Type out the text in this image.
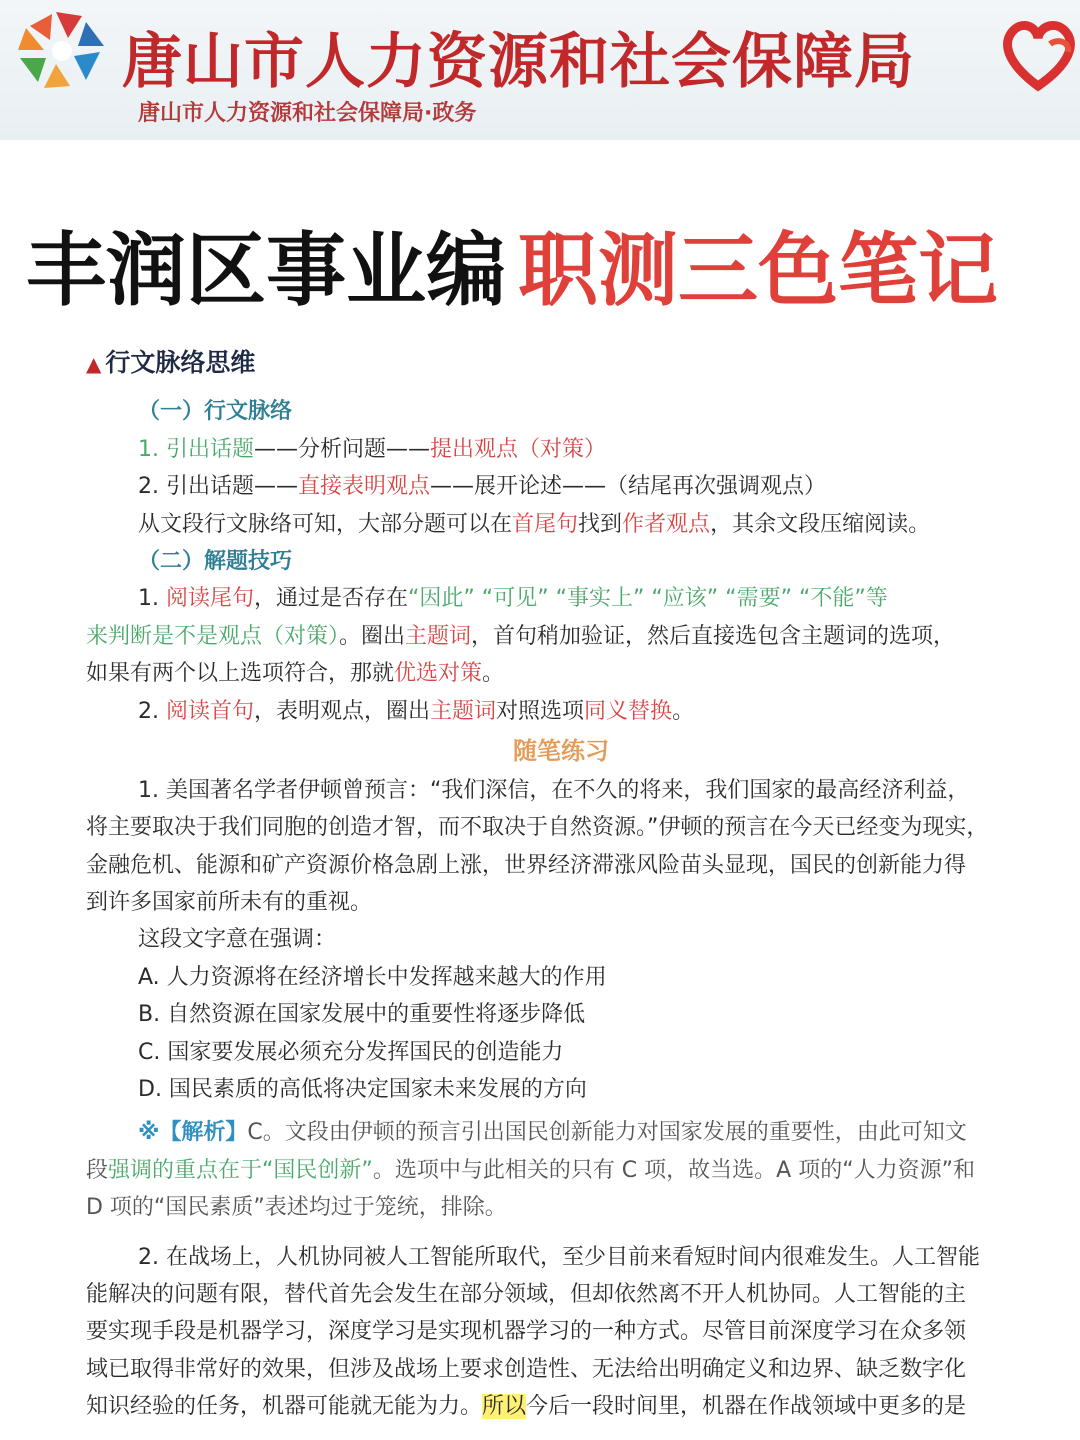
唐山市人力资源和社会保障局
唐山市人力资源和社会保障局·政务
丰润区事业编 职测三色笔记
▲ 行文脉络思维
（一）行文脉络
1. 引出话题——分析问题——提出观点（对策）
2. 引出话题——直接表明观点——展开论述——（结尾再次强调观点）
从文段行文脉络可知，大部分题可以在首尾句找到作者观点，其余文段压缩阅读。
（二）解题技巧
1. 阅读尾句，通过是否存在“因此” “可见” “事实上” “应该” “需要” “不能”等
来判断是不是观点（对策）。圈出主题词，首句稍加验证，然后直接选包含主题词的选项，
如果有两个以上选项符合，那就优选对策。
2. 阅读首句，表明观点，圈出主题词对照选项同义替换。
随笔练习
1. 美国著名学者伊顿曾预言：“我们深信，在不久的将来，我们国家的最高经济利益，
将主要取决于我们同胞的创造才智，而不取决于自然资源。”伊顿的预言在今天已经变为现实，
金融危机、能源和矿产资源价格急剧上涨，世界经济滞涨风险苗头显现，国民的创新能力得
到许多国家前所未有的重视。
这段文字意在强调：
A. 人力资源将在经济增长中发挥越来越大的作用
B. 自然资源在国家发展中的重要性将逐步降低
C. 国家要发展必须充分发挥国民的创造能力
D. 国民素质的高低将决定国家未来发展的方向
※【解析】C。文段由伊顿的预言引出国民创新能力对国家发展的重要性，由此可知文
段强调的重点在于“国民创新”。选项中与此相关的只有 C 项，故当选。A 项的“人力资源”和
D 项的“国民素质”表述均过于笼统，排除。
2. 在战场上，人机协同被人工智能所取代，至少目前来看短时间内很难发生。人工智能
能解决的问题有限，替代首先会发生在部分领域，但却依然离不开人机协同。人工智能的主
要实现手段是机器学习，深度学习是实现机器学习的一种方式。尽管目前深度学习在众多领
域已取得非常好的效果，但涉及战场上要求创造性、无法给出明确定义和边界、缺乏数字化
知识经验的任务，机器可能就无能为力。所以今后一段时间里，机器在作战领域中更多的是
